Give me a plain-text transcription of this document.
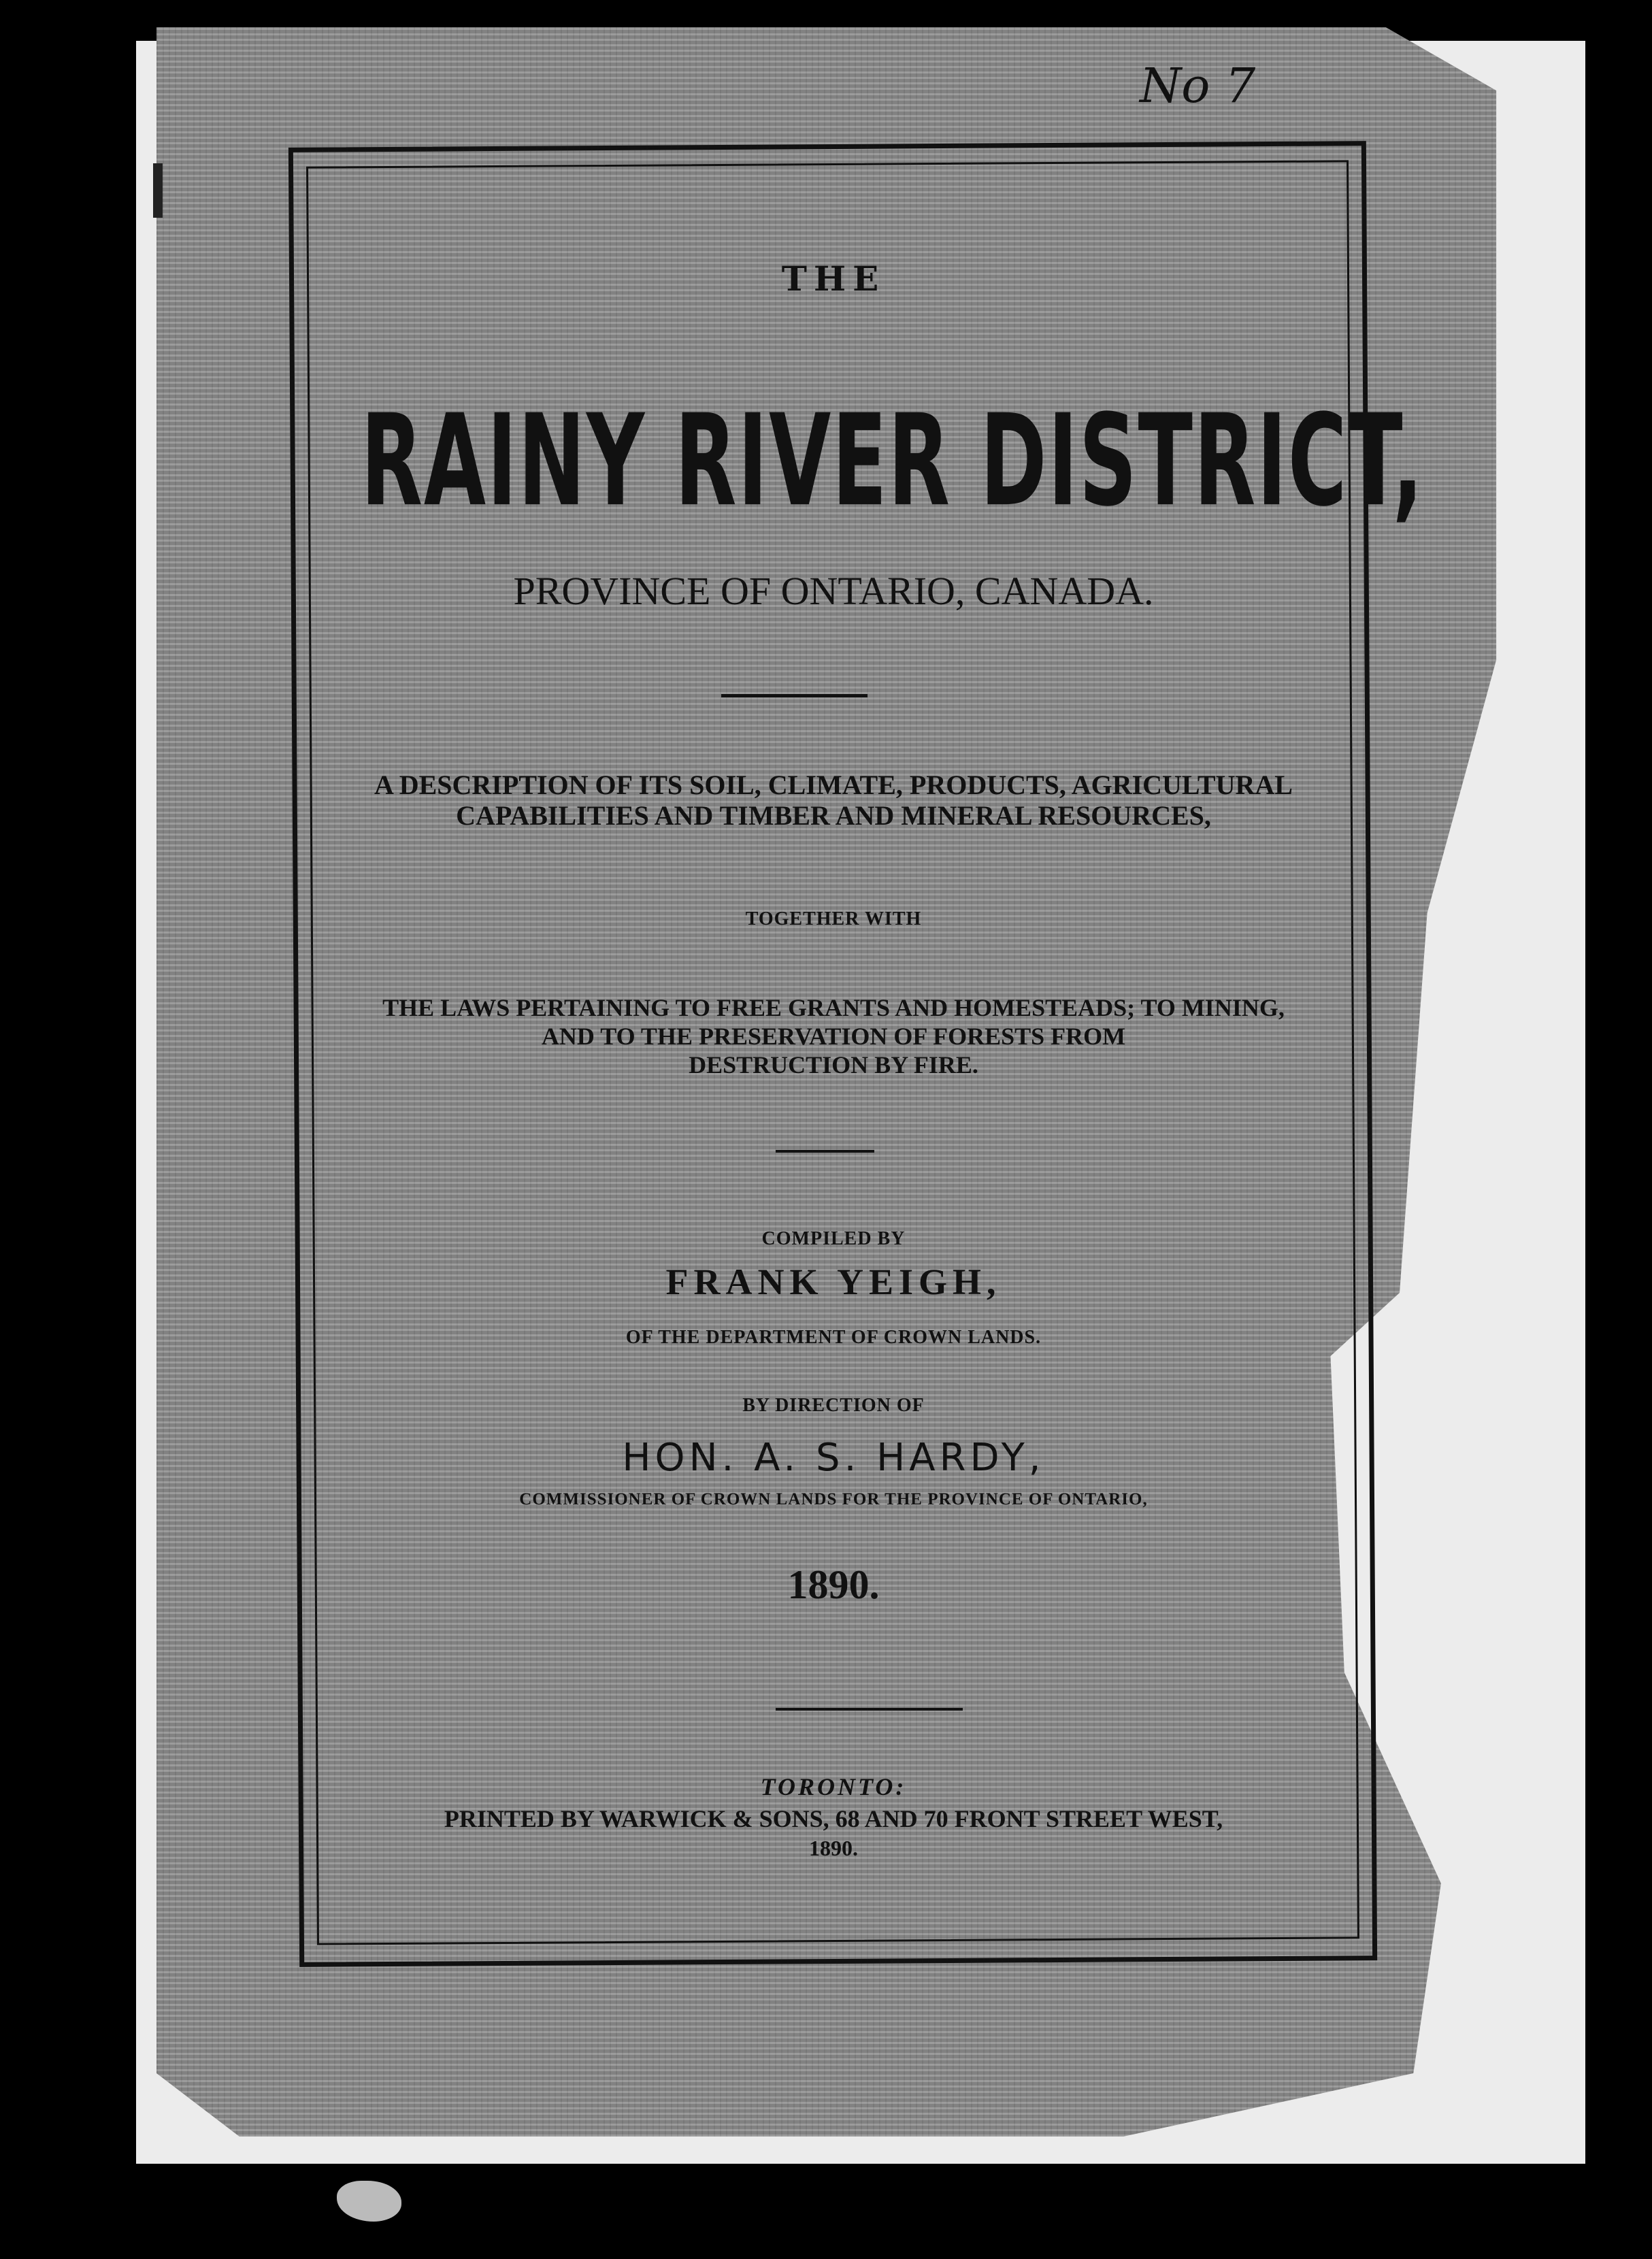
No 7
THE
RAINY RIVER DISTRICT,
PROVINCE OF ONTARIO, CANADA.
A DESCRIPTION OF ITS SOIL, CLIMATE, PRODUCTS, AGRICULTURAL
CAPABILITIES AND TIMBER AND MINERAL RESOURCES,
TOGETHER WITH
THE LAWS PERTAINING TO FREE GRANTS AND HOMESTEADS; TO MINING,
AND TO THE PRESERVATION OF FORESTS FROM
DESTRUCTION BY FIRE.
COMPILED BY
FRANK YEIGH,
OF THE DEPARTMENT OF CROWN LANDS.
BY DIRECTION OF
HON. A. S. HARDY,
COMMISSIONER OF CROWN LANDS FOR THE PROVINCE OF ONTARIO,
1890.
TORONTO:
PRINTED BY WARWICK & SONS, 68 AND 70 FRONT STREET WEST,
1890.
